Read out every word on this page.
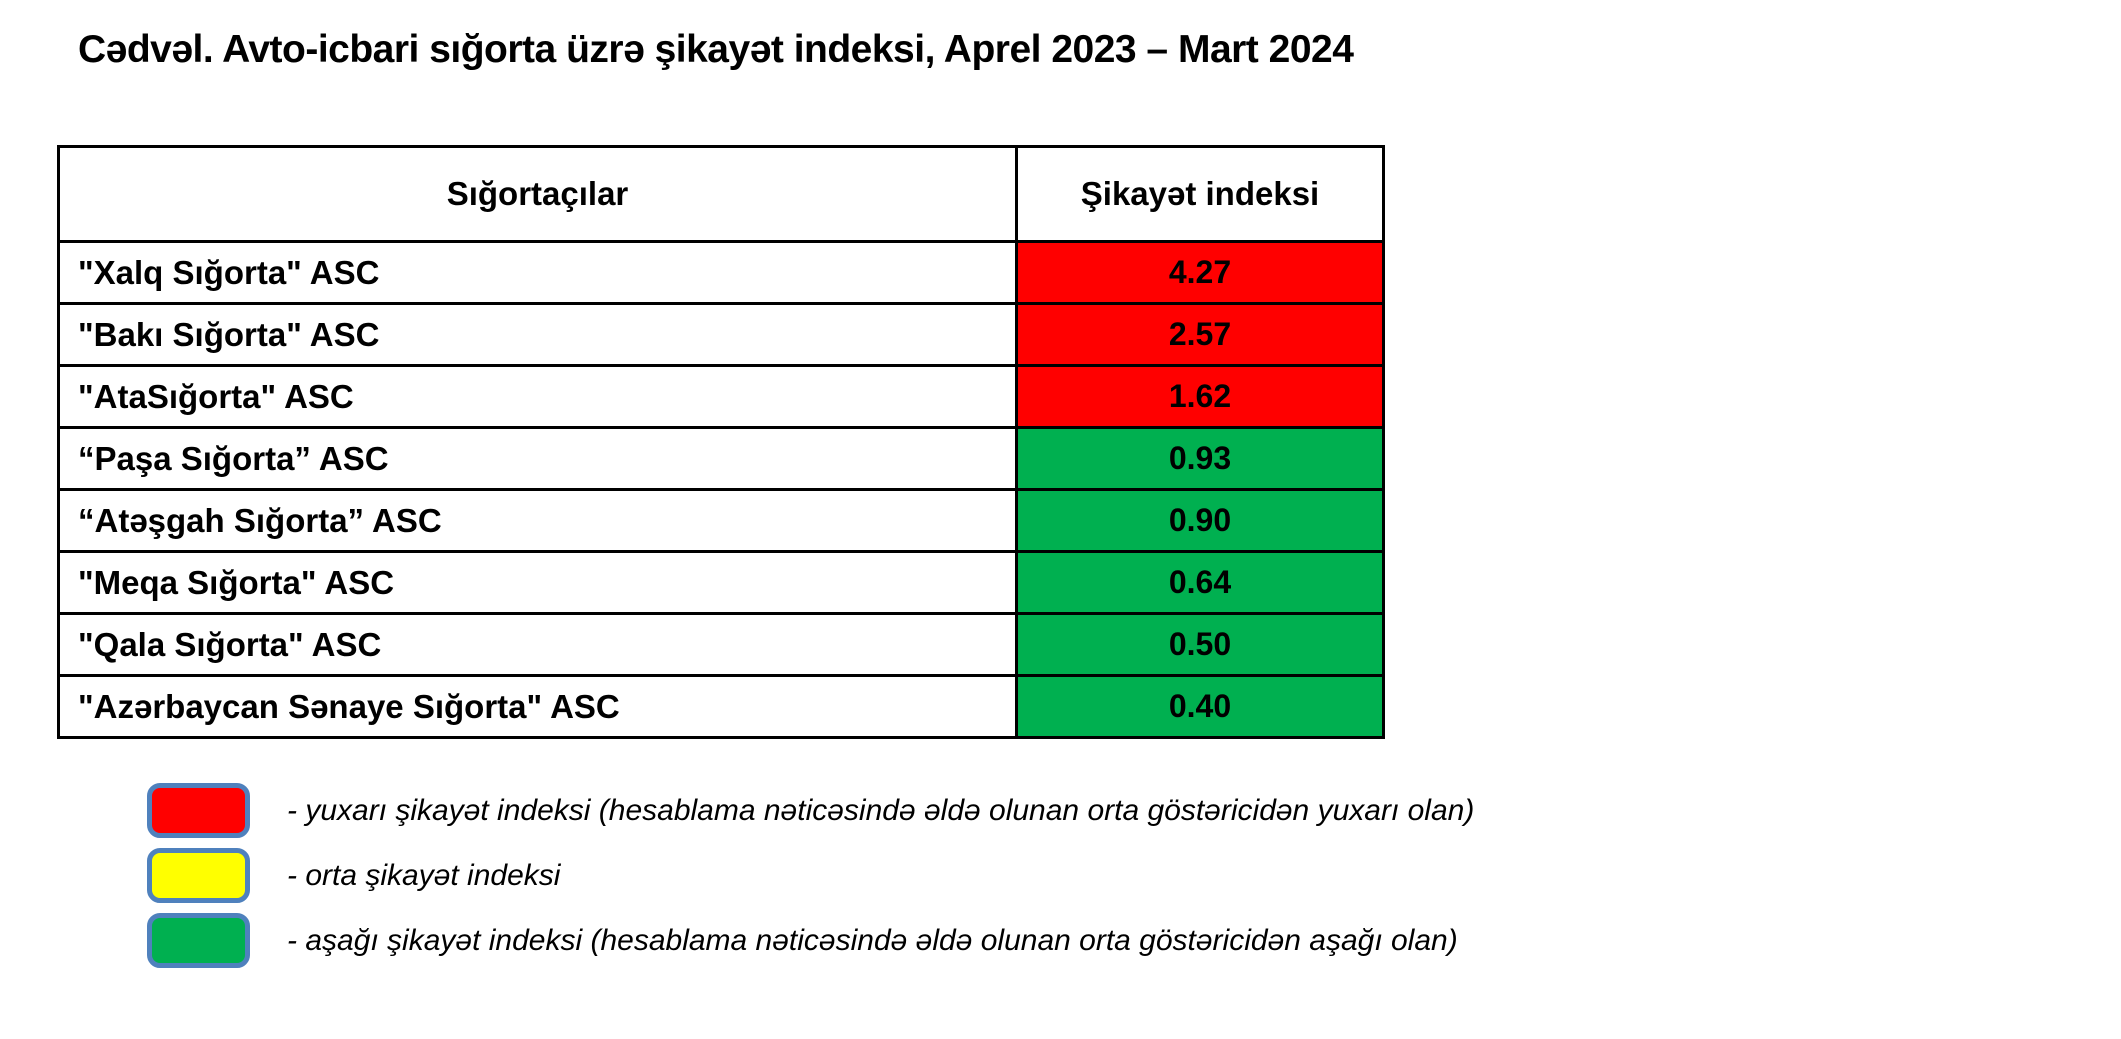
Cədvəl. Avto-icbari sığorta üzrə şikayət indeksi, Aprel 2023 – Mart 2024
Sığortaçılar	Şikayət indeksi
"Xalq Sığorta" ASC	4.27
"Bakı Sığorta" ASC	2.57
"AtaSığorta" ASC	1.62
“Paşa Sığorta” ASC	0.93
“Atəşgah Sığorta” ASC	0.90
"Meqa Sığorta" ASC	0.64
"Qala Sığorta" ASC	0.50
"Azərbaycan Sənaye Sığorta" ASC	0.40
- yuxarı şikayət indeksi (hesablama nəticəsində əldə olunan orta göstəricidən yuxarı olan)
- orta şikayət indeksi
- aşağı şikayət indeksi (hesablama nəticəsində əldə olunan orta göstəricidən aşağı olan)
